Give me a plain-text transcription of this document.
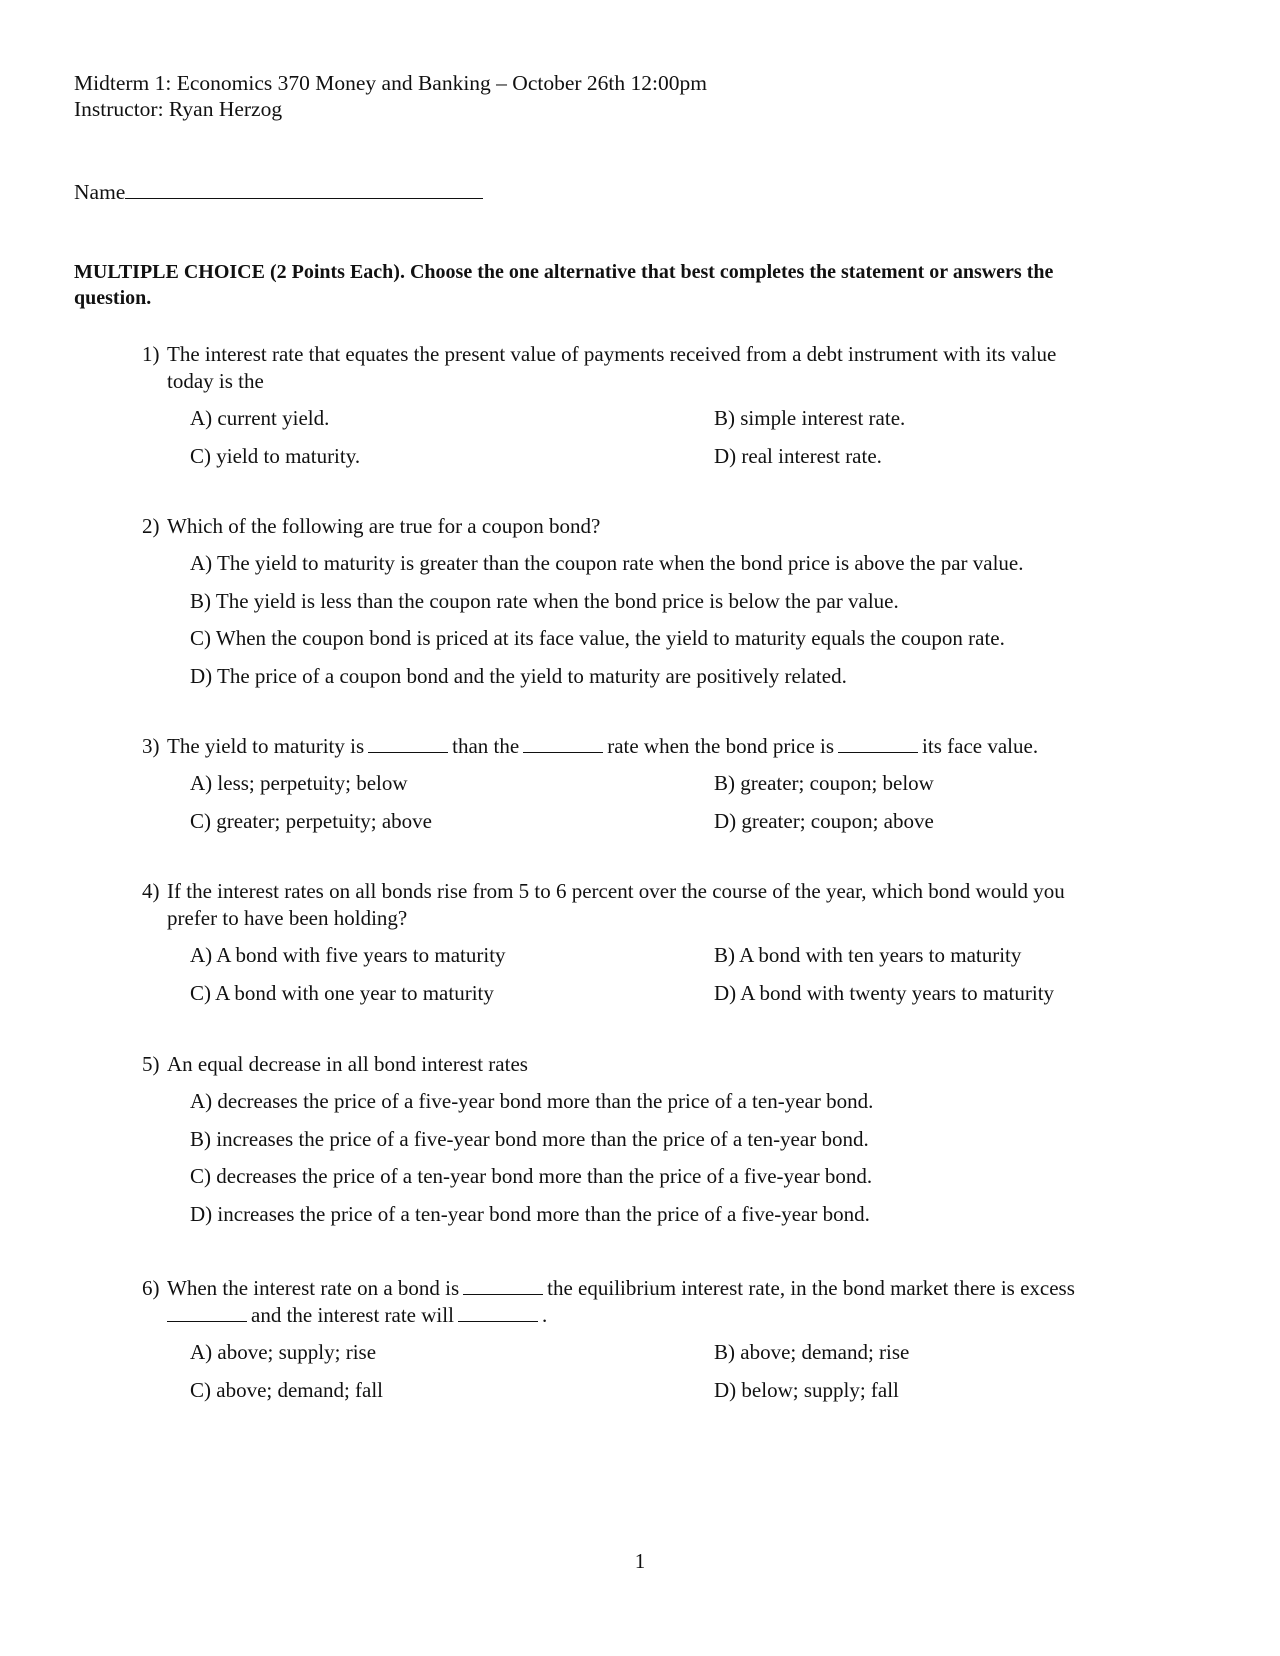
Midterm 1: Economics 370 Money and Banking – October 26th 12:00pm
Instructor: Ryan Herzog
Name
MULTIPLE CHOICE (2 Points Each). Choose the one alternative that best completes the statement or answers the
question.
1) The interest rate that equates the present value of payments received from a debt instrument with its value
today is the
A) current yield.	B) simple interest rate.
C) yield to maturity.	D) real interest rate.
2) Which of the following are true for a coupon bond?
A) The yield to maturity is greater than the coupon rate when the bond price is above the par value.
B) The yield is less than the coupon rate when the bond price is below the par value.
C) When the coupon bond is priced at its face value, the yield to maturity equals the coupon rate.
D) The price of a coupon bond and the yield to maturity are positively related.
3) The yield to maturity is	than the	rate when the bond price is	its face value.
A) less; perpetuity; below	B) greater; coupon; below
C) greater; perpetuity; above	D) greater; coupon; above
4) If the interest rates on all bonds rise from 5 to 6 percent over the course of the year, which bond would you
prefer to have been holding?
A) A bond with five years to maturity	B) A bond with ten years to maturity
C) A bond with one year to maturity	D) A bond with twenty years to maturity
5) An equal decrease in all bond interest rates
A) decreases the price of a five-year bond more than the price of a ten-year bond.
B) increases the price of a five-year bond more than the price of a ten-year bond.
C) decreases the price of a ten-year bond more than the price of a five-year bond.
D) increases the price of a ten-year bond more than the price of a five-year bond.
6) When the interest rate on a bond is	the equilibrium interest rate, in the bond market there is excess
and the interest rate will	.
A) above; supply; rise	B) above; demand; rise
C) above; demand; fall	D) below; supply; fall
1
